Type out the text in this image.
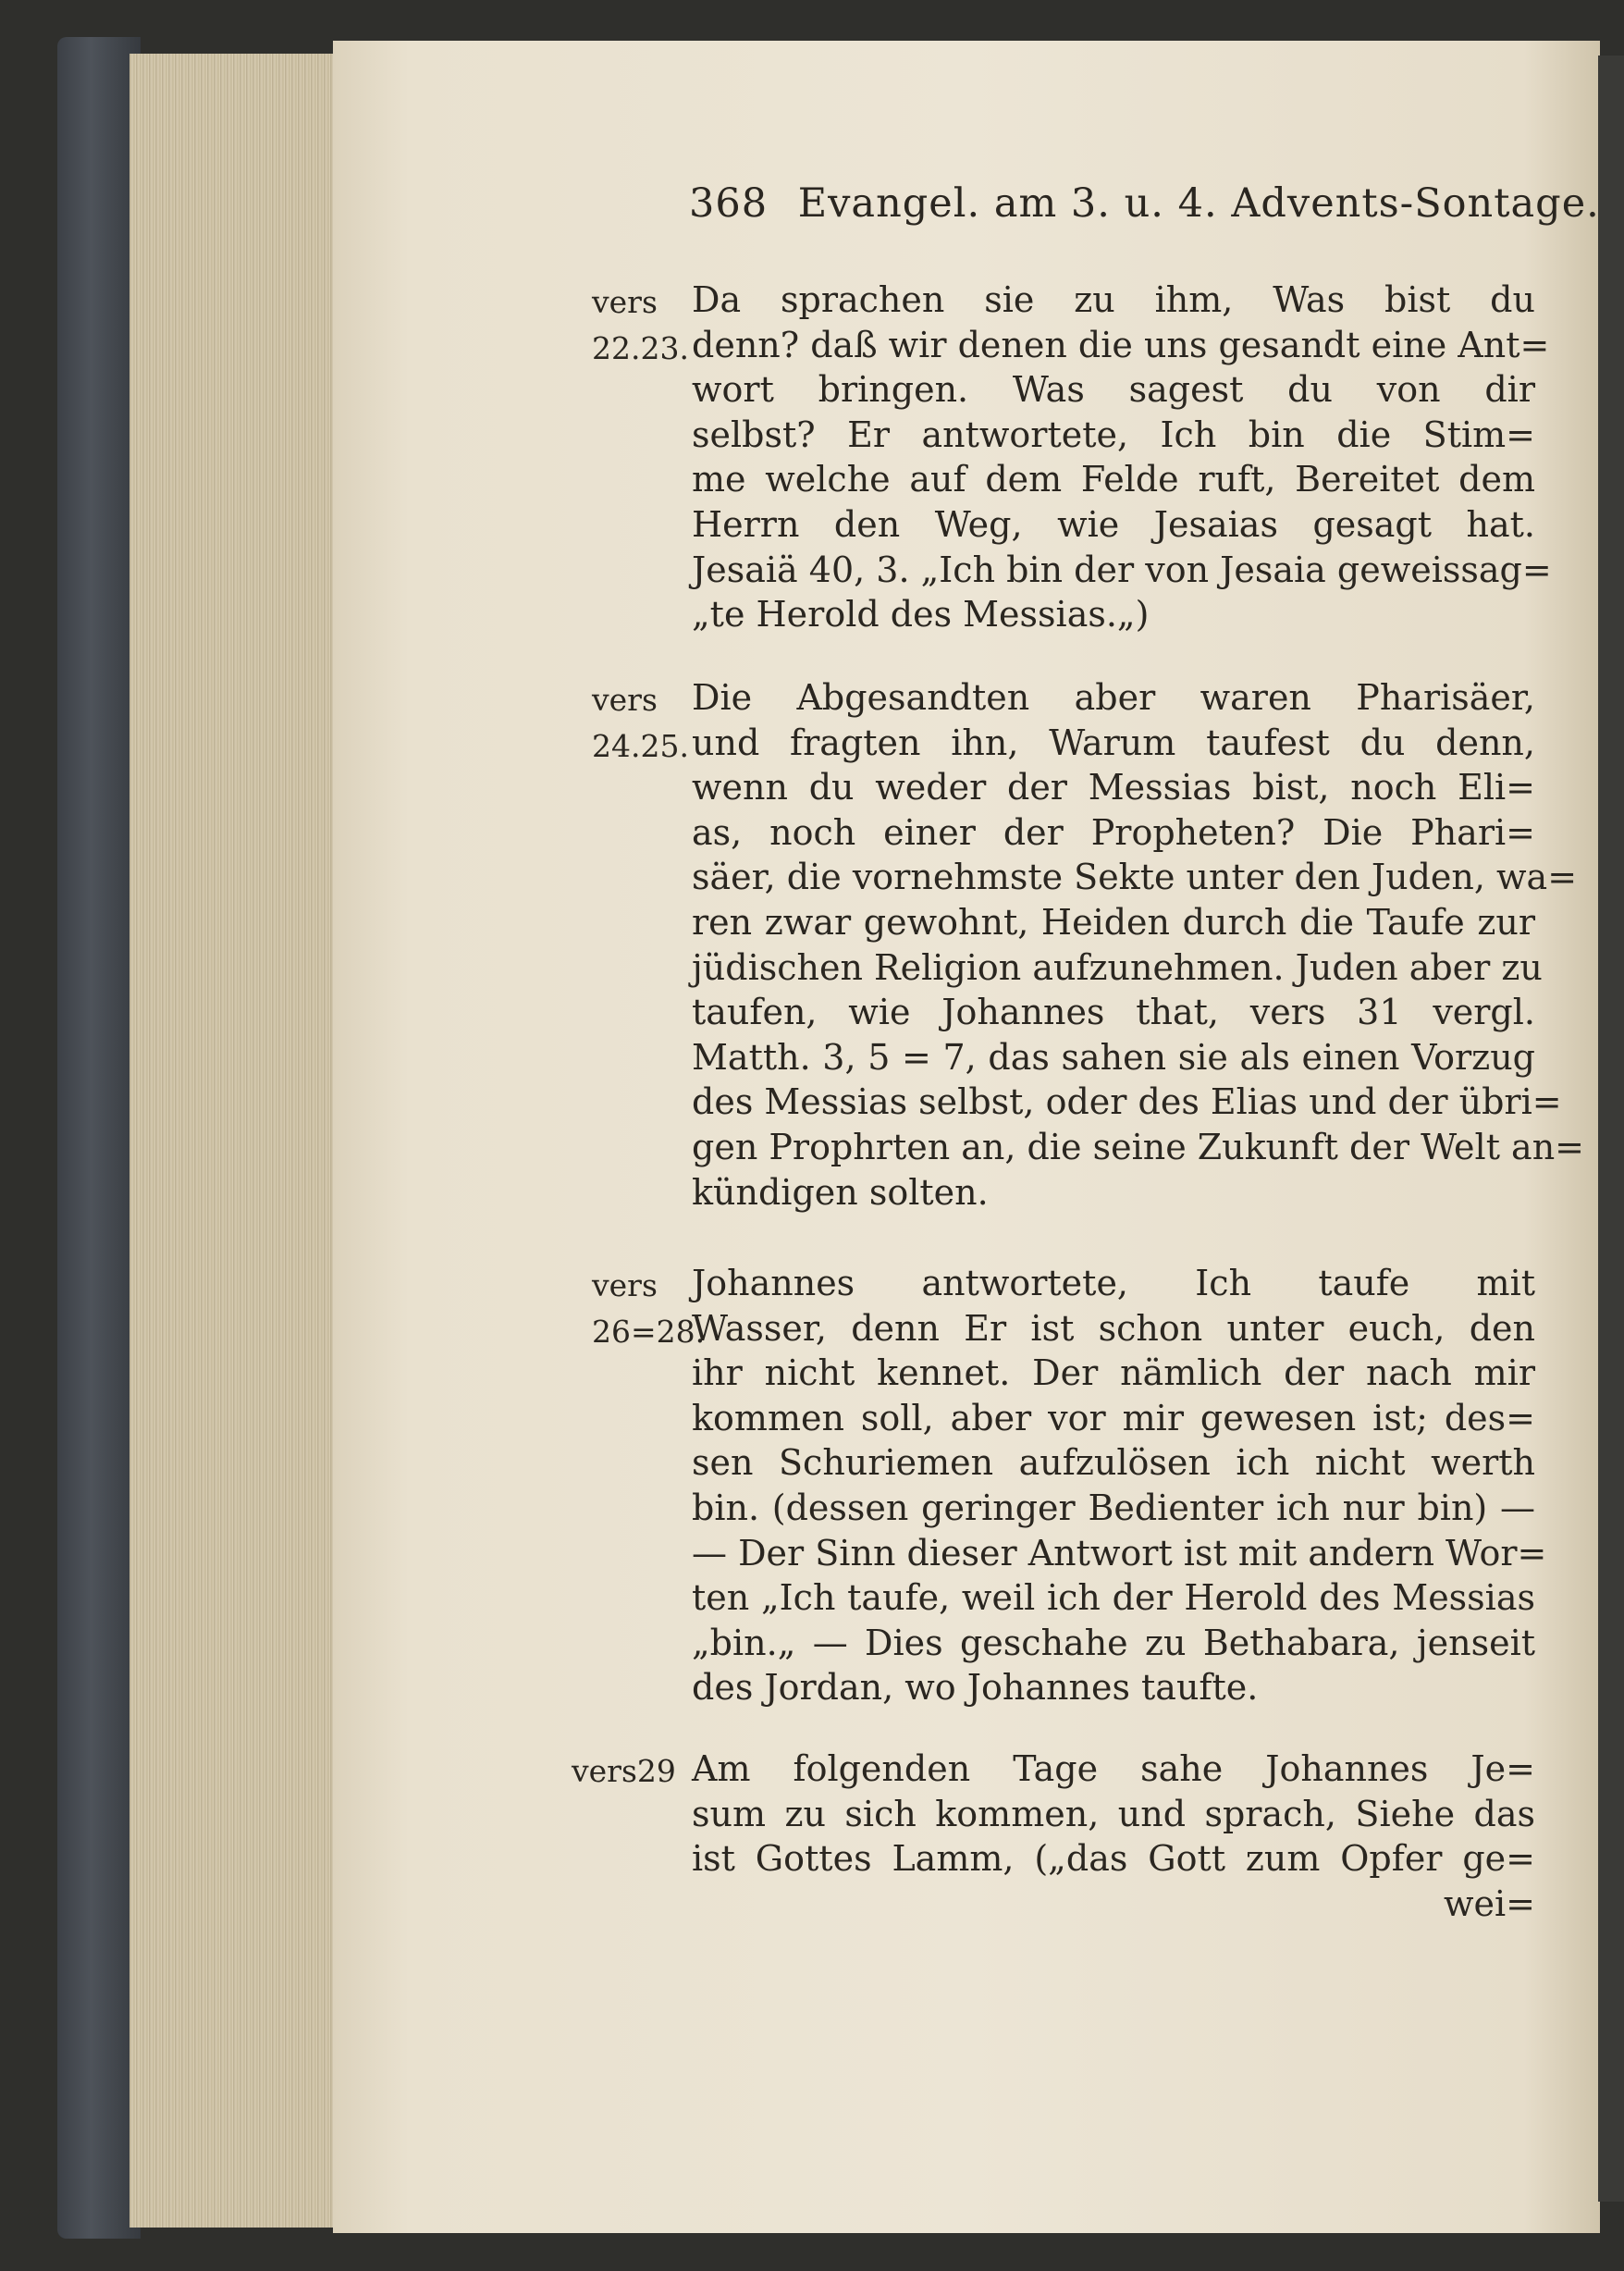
368 Evangel. am 3. u. 4. Advents-Sontage.
vers
22.23.
Da sprachen sie zu ihm, Was bist du
denn? daß wir denen die uns gesandt eine Ant=
wort bringen. Was sagest du von dir
selbst? Er antwortete, Ich bin die Stim=
me welche auf dem Felde ruft, Bereitet dem
Herrn den Weg, wie Jesaias gesagt hat.
Jesaiä 40, 3. „Ich bin der von Jesaia geweissag=
„te Herold des Messias.„)
vers
24.25.
Die Abgesandten aber waren Pharisäer,
und fragten ihn, Warum taufest du denn,
wenn du weder der Messias bist, noch Eli=
as, noch einer der Propheten? Die Phari=
säer, die vornehmste Sekte unter den Juden, wa=
ren zwar gewohnt, Heiden durch die Taufe zur
jüdischen Religion aufzunehmen. Juden aber zu
taufen, wie Johannes that, vers 31 vergl.
Matth. 3, 5 = 7, das sahen sie als einen Vorzug
des Messias selbst, oder des Elias und der übri=
gen Prophrten an, die seine Zukunft der Welt an=
kündigen solten.
vers
26=28.
Johannes antwortete, Ich taufe mit
Wasser, denn Er ist schon unter euch, den
ihr nicht kennet. Der nämlich der nach mir
kommen soll, aber vor mir gewesen ist; des=
sen Schuriemen aufzulösen ich nicht werth
bin. (dessen geringer Bedienter ich nur bin) —
— Der Sinn dieser Antwort ist mit andern Wor=
ten „Ich taufe, weil ich der Herold des Messias
„bin.„ — Dies geschahe zu Bethabara, jenseit
des Jordan, wo Johannes taufte.
vers29 Am folgenden Tage sahe Johannes Je=
sum zu sich kommen, und sprach, Siehe das
ist Gottes Lamm, („das Gott zum Opfer ge=
wei=
